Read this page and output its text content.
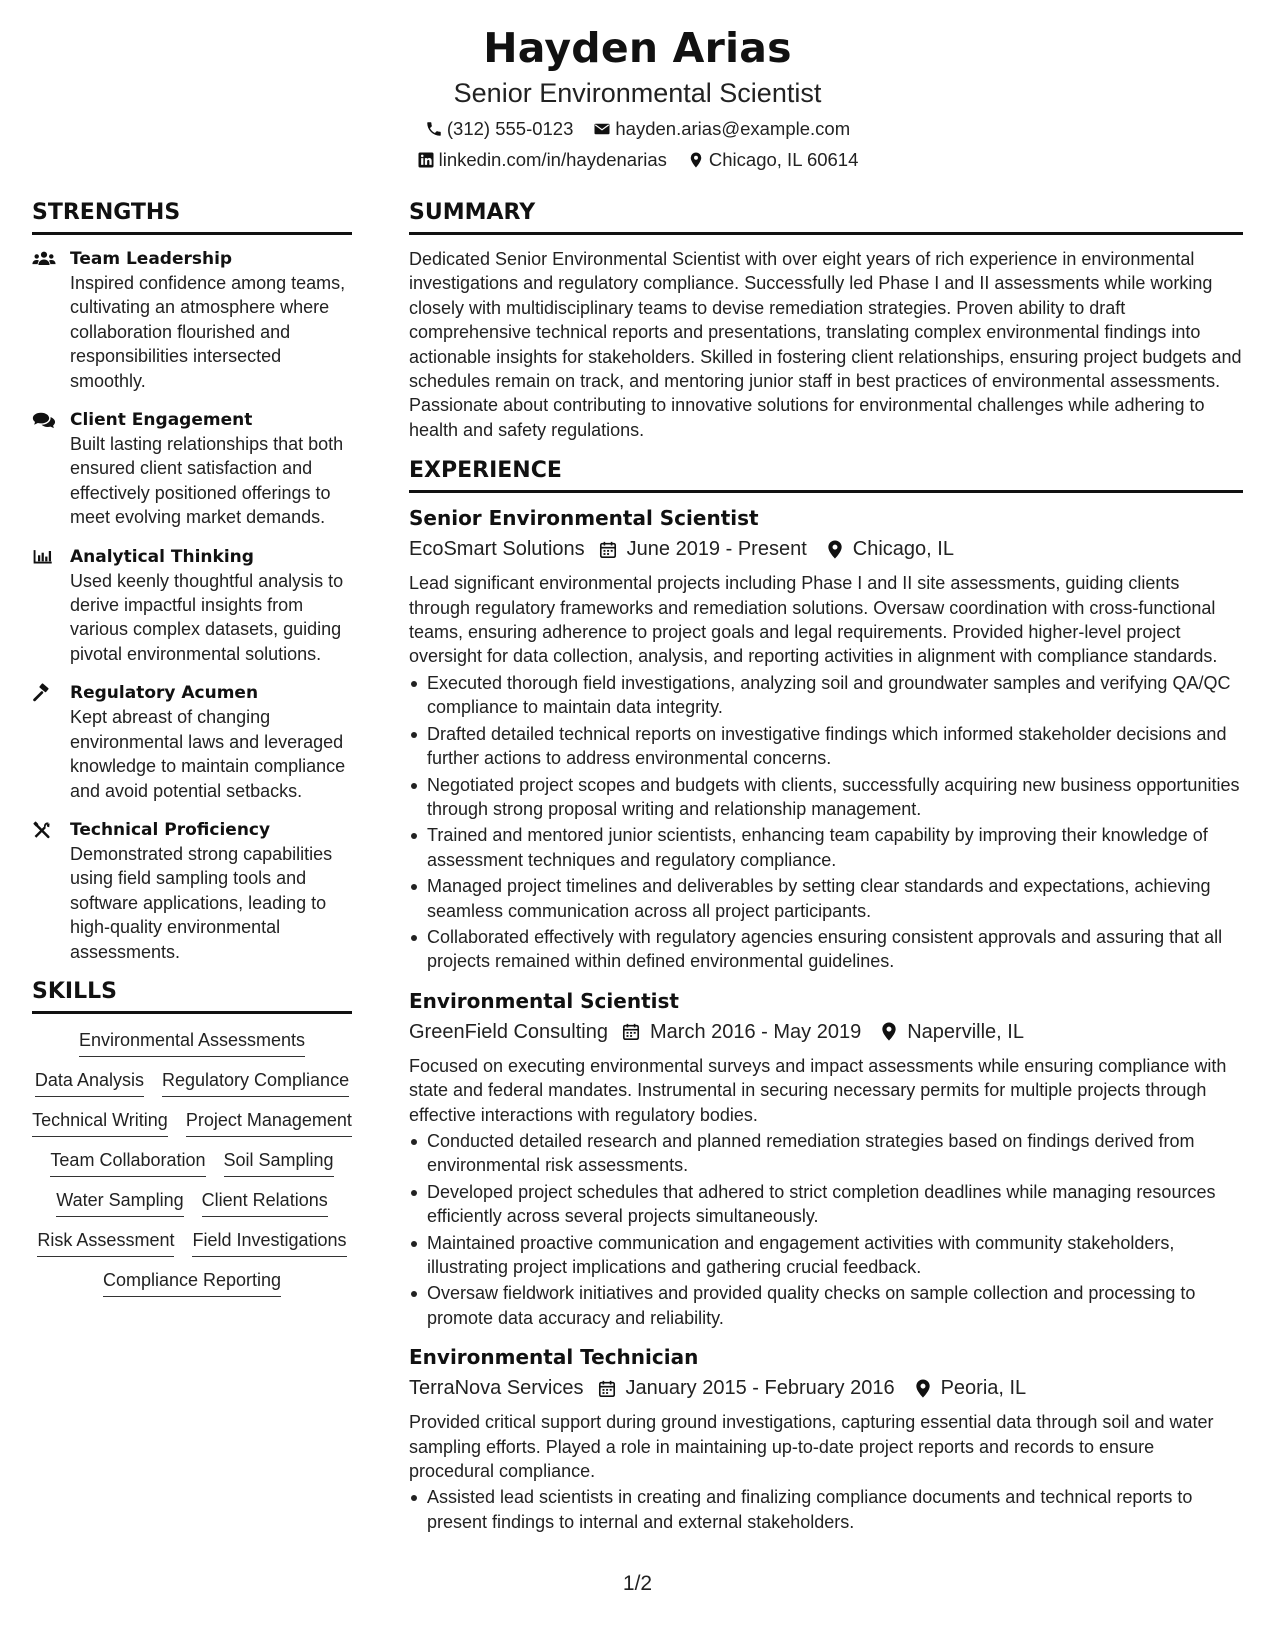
Hayden Arias
Senior Environmental Scientist
(312) 555-0123 hayden.arias@example.com
linkedin.com/in/haydenarias Chicago, IL 60614
STRENGTHS
Team Leadership
Inspired confidence among teams, cultivating an atmosphere where collaboration flourished and responsibilities intersected smoothly.
Client Engagement
Built lasting relationships that both ensured client satisfaction and effectively positioned offerings to meet evolving market demands.
Analytical Thinking
Used keenly thoughtful analysis to derive impactful insights from various complex datasets, guiding pivotal environmental solutions.
Regulatory Acumen
Kept abreast of changing environmental laws and leveraged knowledge to maintain compliance and avoid potential setbacks.
Technical Proficiency
Demonstrated strong capabilities using field sampling tools and software applications, leading to high-quality environmental assessments.
SKILLS
Environmental Assessments
Data Analysis Regulatory Compliance
Technical Writing Project Management
Team Collaboration Soil Sampling
Water Sampling Client Relations
Risk Assessment Field Investigations
Compliance Reporting
SUMMARY
Dedicated Senior Environmental Scientist with over eight years of rich experience in environmental investigations and regulatory compliance. Successfully led Phase I and II assessments while working closely with multidisciplinary teams to devise remediation strategies. Proven ability to draft comprehensive technical reports and presentations, translating complex environmental findings into actionable insights for stakeholders. Skilled in fostering client relationships, ensuring project budgets and schedules remain on track, and mentoring junior staff in best practices of environmental assessments. Passionate about contributing to innovative solutions for environmental challenges while adhering to health and safety regulations.
EXPERIENCE
Senior Environmental Scientist
EcoSmart Solutions June 2019 - Present Chicago, IL
Lead significant environmental projects including Phase I and II site assessments, guiding clients through regulatory frameworks and remediation solutions. Oversaw coordination with cross-functional teams, ensuring adherence to project goals and legal requirements. Provided higher-level project oversight for data collection, analysis, and reporting activities in alignment with compliance standards.
Executed thorough field investigations, analyzing soil and groundwater samples and verifying QA/QC compliance to maintain data integrity.
Drafted detailed technical reports on investigative findings which informed stakeholder decisions and further actions to address environmental concerns.
Negotiated project scopes and budgets with clients, successfully acquiring new business opportunities through strong proposal writing and relationship management.
Trained and mentored junior scientists, enhancing team capability by improving their knowledge of assessment techniques and regulatory compliance.
Managed project timelines and deliverables by setting clear standards and expectations, achieving seamless communication across all project participants.
Collaborated effectively with regulatory agencies ensuring consistent approvals and assuring that all projects remained within defined environmental guidelines.
Environmental Scientist
GreenField Consulting March 2016 - May 2019 Naperville, IL
Focused on executing environmental surveys and impact assessments while ensuring compliance with state and federal mandates. Instrumental in securing necessary permits for multiple projects through effective interactions with regulatory bodies.
Conducted detailed research and planned remediation strategies based on findings derived from environmental risk assessments.
Developed project schedules that adhered to strict completion deadlines while managing resources efficiently across several projects simultaneously.
Maintained proactive communication and engagement activities with community stakeholders, illustrating project implications and gathering crucial feedback.
Oversaw fieldwork initiatives and provided quality checks on sample collection and processing to promote data accuracy and reliability.
Environmental Technician
TerraNova Services January 2015 - February 2016 Peoria, IL
Provided critical support during ground investigations, capturing essential data through soil and water sampling efforts. Played a role in maintaining up-to-date project reports and records to ensure procedural compliance.
Assisted lead scientists in creating and finalizing compliance documents and technical reports to present findings to internal and external stakeholders.
1/2
